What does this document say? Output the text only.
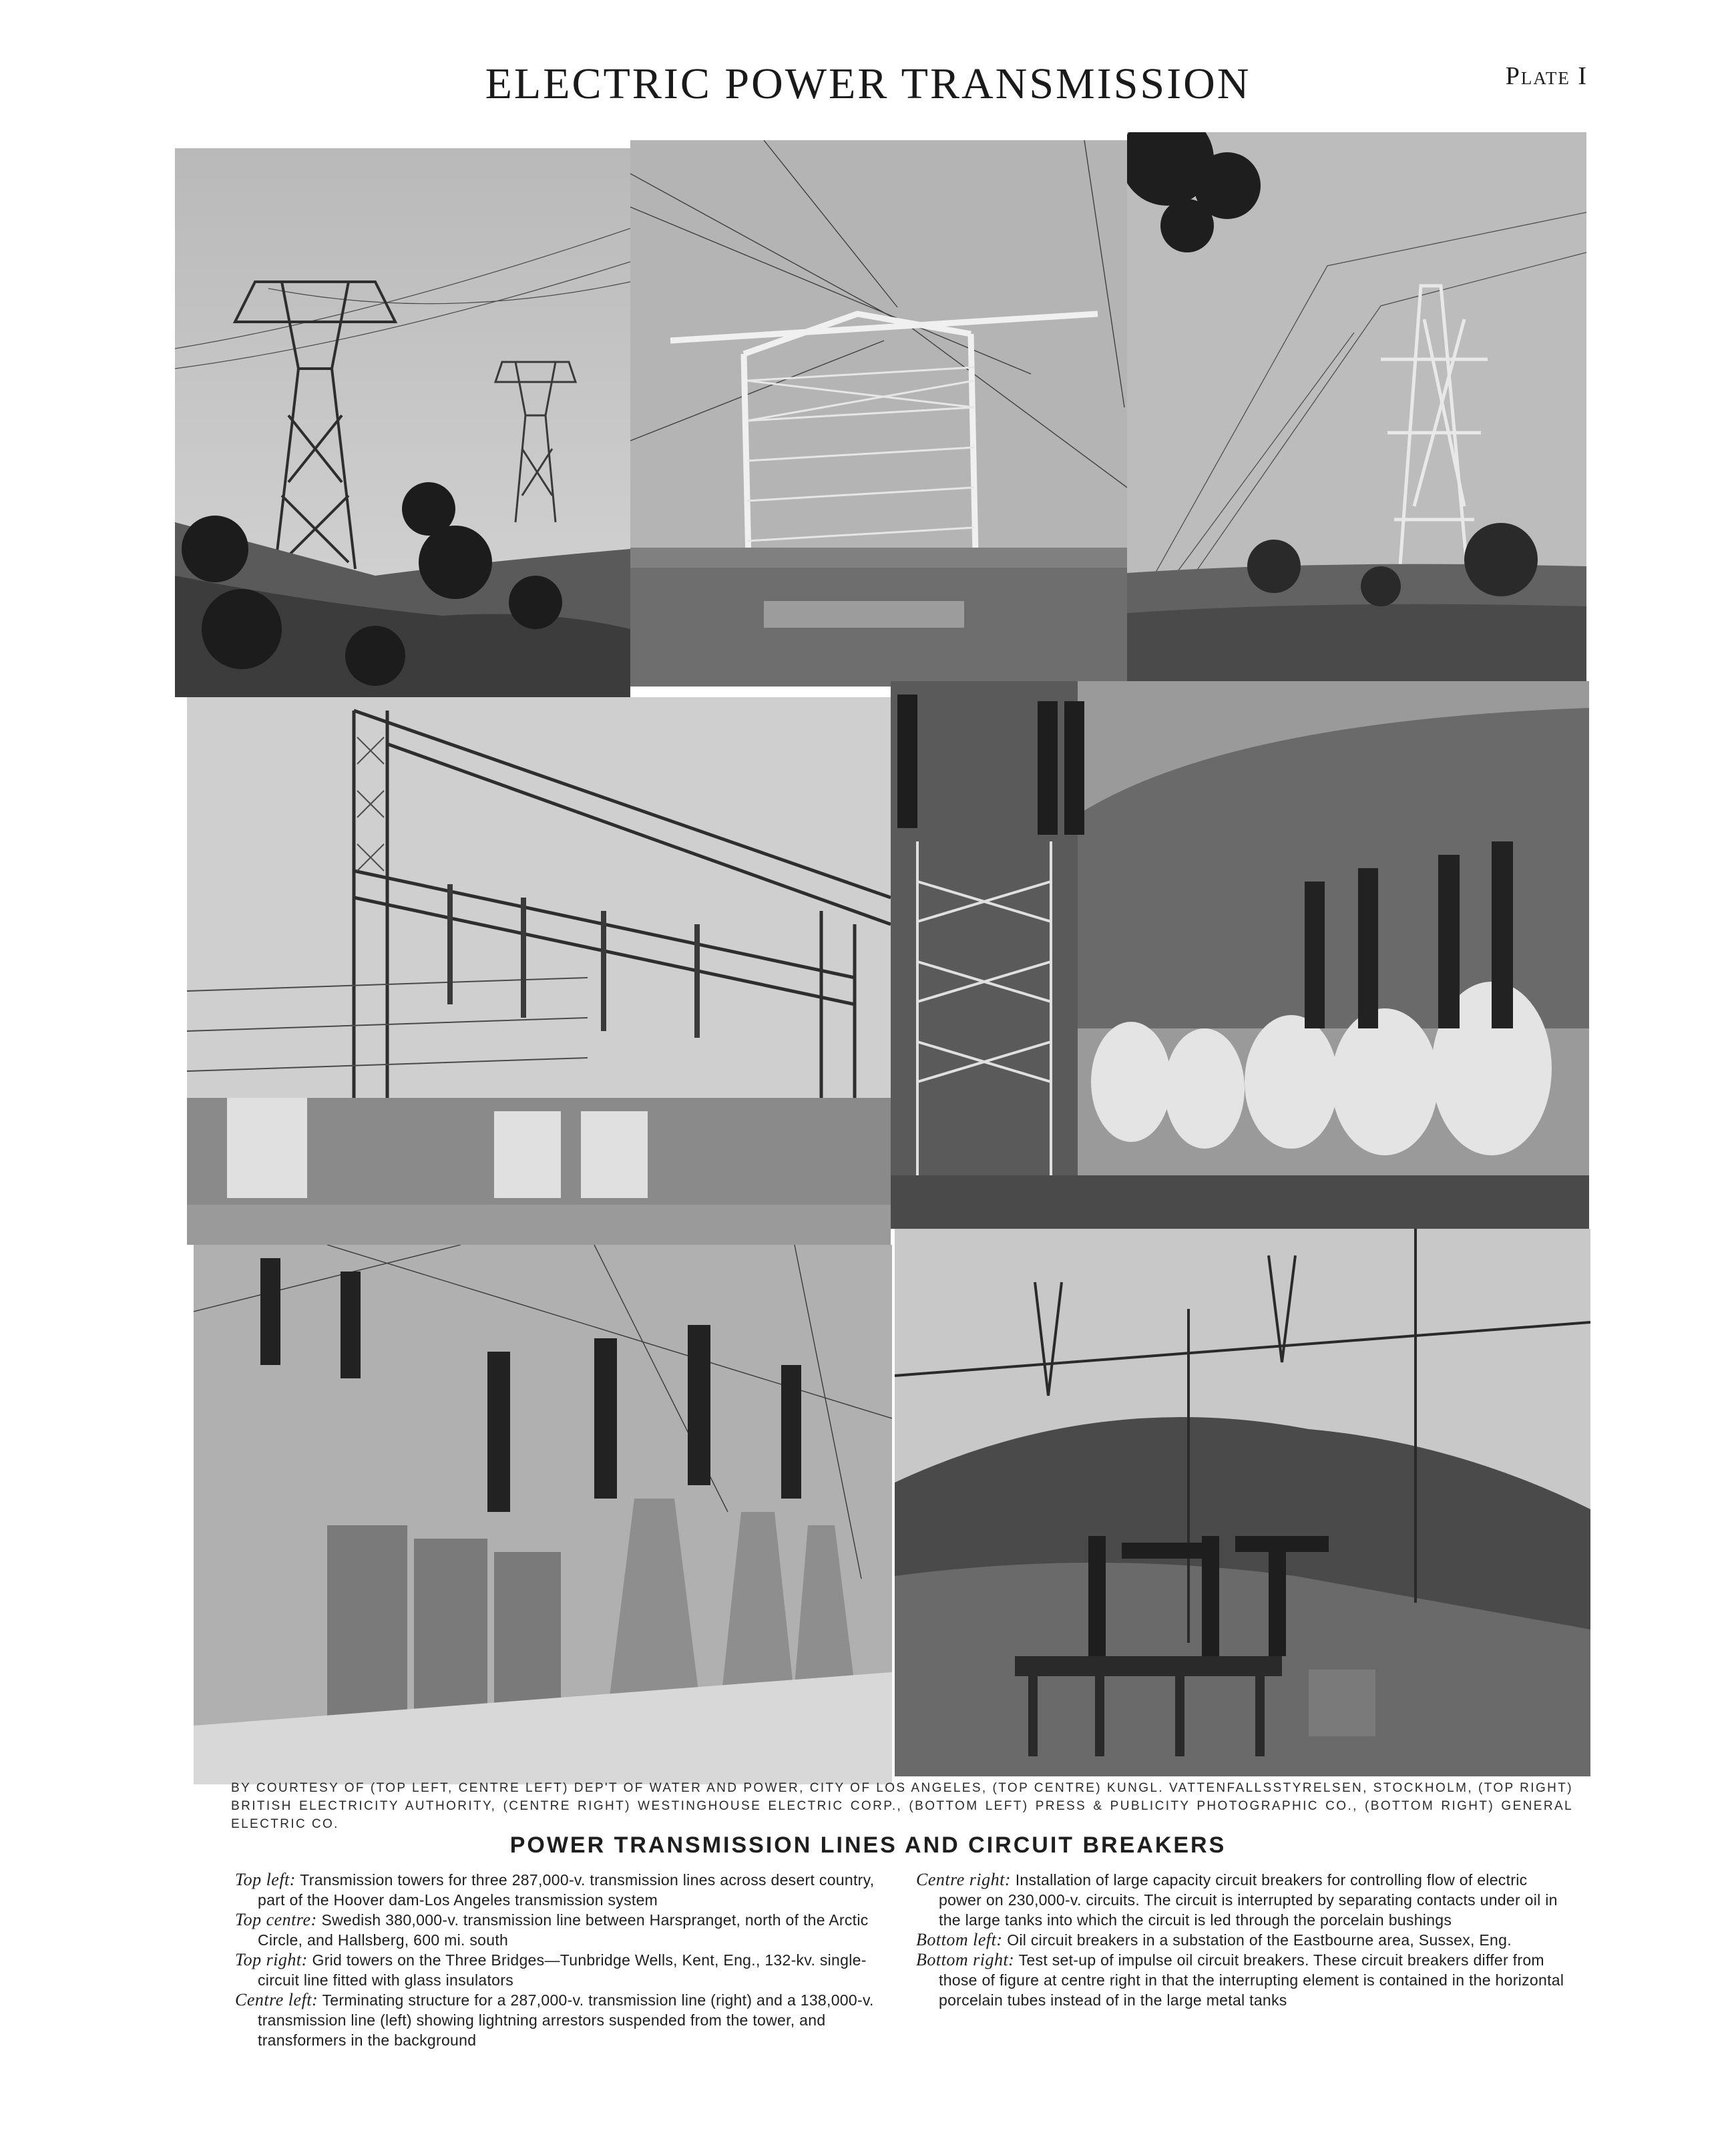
ELECTRIC POWER TRANSMISSION	Plate I
BY COURTESY OF (TOP LEFT, CENTRE LEFT) DEP'T OF WATER AND POWER, CITY OF LOS ANGELES, (TOP CENTRE) KUNGL. VATTENFALLSSTYRELSEN, STOCKHOLM, (TOP RIGHT) BRITISH ELECTRICITY AUTHORITY, (CENTRE RIGHT) WESTINGHOUSE ELECTRIC CORP., (BOTTOM LEFT) PRESS & PUBLICITY PHOTOGRAPHIC CO., (BOTTOM RIGHT) GENERAL ELECTRIC CO.
POWER TRANSMISSION LINES AND CIRCUIT BREAKERS

Top left: Transmission towers for three 287,000-v. transmission lines across desert country, part of the Hoover dam-Los Angeles transmission system

Top centre: Swedish 380,000-v. transmission line between Harspranget, north of the Arctic Circle, and Hallsberg, 600 mi. south

Top right: Grid towers on the Three Bridges—Tunbridge Wells, Kent, Eng., 132-kv. single-circuit line fitted with glass insulators

Centre left: Terminating structure for a 287,000-v. transmission line (right) and a 138,000-v. transmission line (left) showing lightning arrestors suspended from the tower, and transformers in the background

Centre right: Installation of large capacity circuit breakers for controlling flow of electric power on 230,000-v. circuits. The circuit is interrupted by separating contacts under oil in the large tanks into which the circuit is led through the porcelain bushings

Bottom left: Oil circuit breakers in a substation of the Eastbourne area, Sussex, Eng.

Bottom right: Test set-up of impulse oil circuit breakers. These circuit breakers differ from those of figure at centre right in that the interrupting element is contained in the horizontal porcelain tubes instead of in the large metal tanks
